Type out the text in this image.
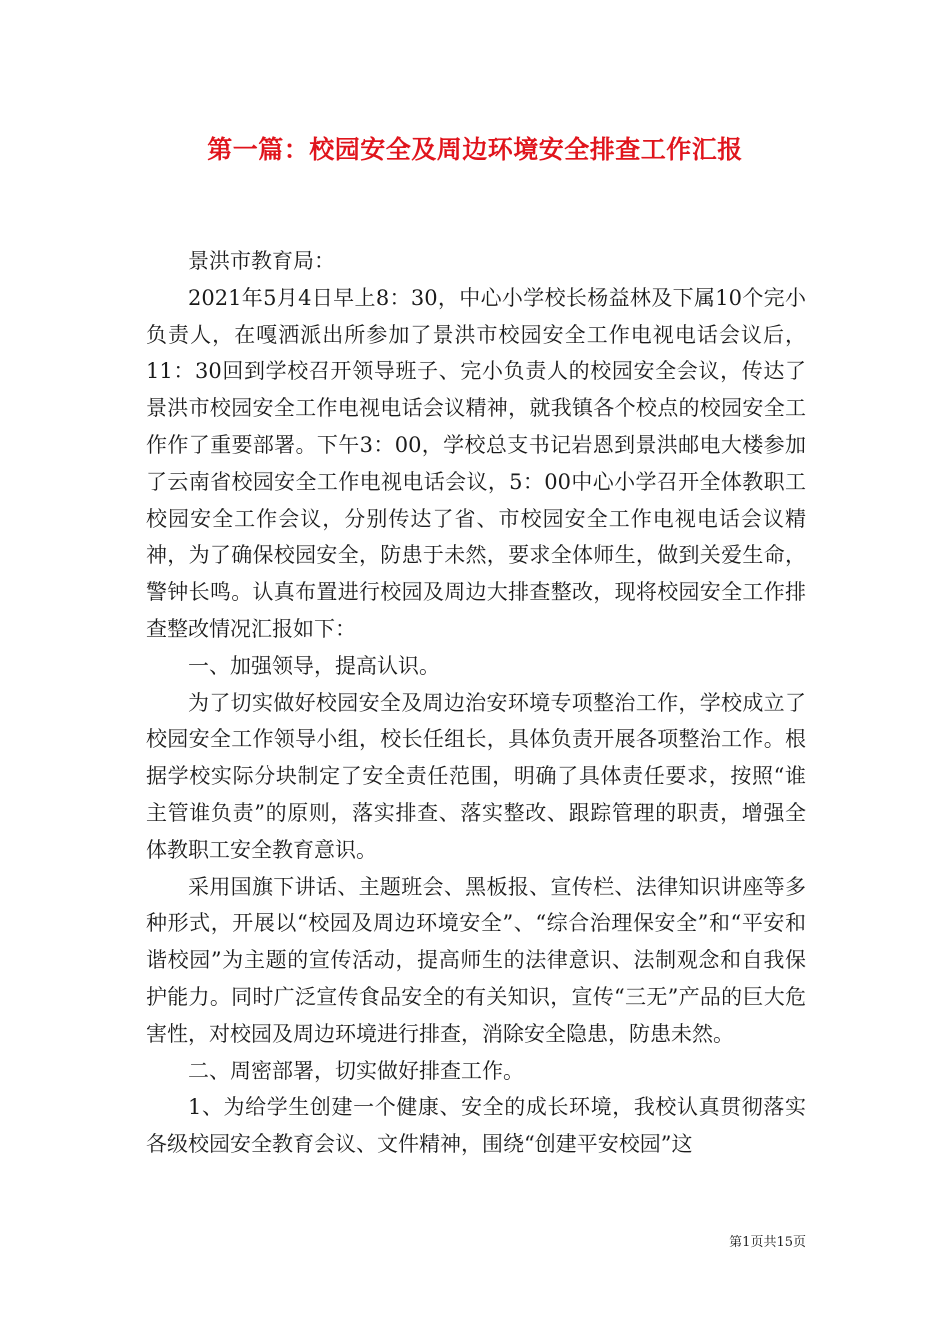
第一篇：校园安全及周边环境安全排查工作汇报

景洪市教育局：

2021年5月4日早上8：30，中心小学校长杨益林及下属10个完小负责人，在嘎洒派出所参加了景洪市校园安全工作电视电话会议后，11：30回到学校召开领导班子、完小负责人的校园安全会议，传达了景洪市校园安全工作电视电话会议精神，就我镇各个校点的校园安全工作作了重要部署。下午3：00，学校总支书记岩恩到景洪邮电大楼参加了云南省校园安全工作电视电话会议，5：00中心小学召开全体教职工校园安全工作会议，分别传达了省、市校园安全工作电视电话会议精神，为了确保校园安全，防患于未然，要求全体师生，做到关爱生命，警钟长鸣。认真布置进行校园及周边大排查整改，现将校园安全工作排查整改情况汇报如下：

一、加强领导，提高认识。

为了切实做好校园安全及周边治安环境专项整治工作，学校成立了校园安全工作领导小组，校长任组长，具体负责开展各项整治工作。根据学校实际分块制定了安全责任范围，明确了具体责任要求，按照“谁主管谁负责”的原则，落实排查、落实整改、跟踪管理的职责，增强全体教职工安全教育意识。

采用国旗下讲话、主题班会、黑板报、宣传栏、法律知识讲座等多种形式，开展以“校园及周边环境安全”、“综合治理保安全”和“平安和谐校园”为主题的宣传活动，提高师生的法律意识、法制观念和自我保护能力。同时广泛宣传食品安全的有关知识，宣传“三无”产品的巨大危害性，对校园及周边环境进行排查，消除安全隐患，防患未然。

二、周密部署，切实做好排查工作。

1、为给学生创建一个健康、安全的成长环境，我校认真贯彻落实各级校园安全教育会议、文件精神，围绕“创建平安校园”这

第1页共15页
